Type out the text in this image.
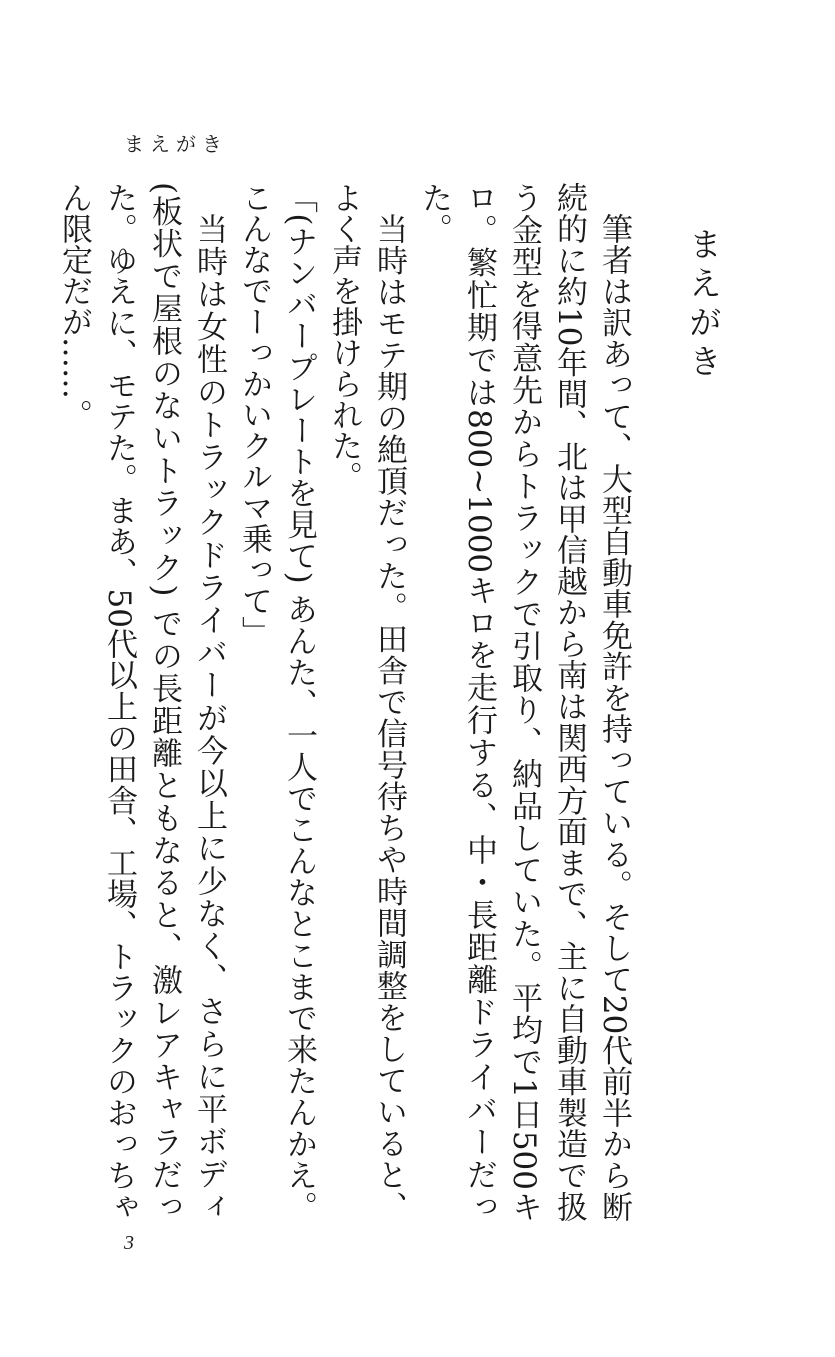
まえがき
まえがき

筆者は訳あって、大型自動車免許を持っている。そして20代前半から断続的に約10年間、北は甲信越から南は関西方面まで、主に自動車製造で扱う金型を得意先からトラックで引取り、納品していた。平均で1日500キロ。繁忙期では800~1000キロを走行する、中・長距離ドライバーだった。

当時はモテ期の絶頂だった。田舎で信号待ちや時間調整をしていると、よく声を掛けられた。

「(ナンバープレートを見て) あんた、一人でこんなとこまで来たんかえ。こんなでーっかいクルマ乗って」

当時は女性のトラックドライバーが今以上に少なく、さらに平ボディ (板状で屋根のないトラック) での長距離ともなると、激レアキャラだった。ゆえに、モテた。まあ、50代以上の田舎、工場、トラックのおっちゃん限定だが……。

3
